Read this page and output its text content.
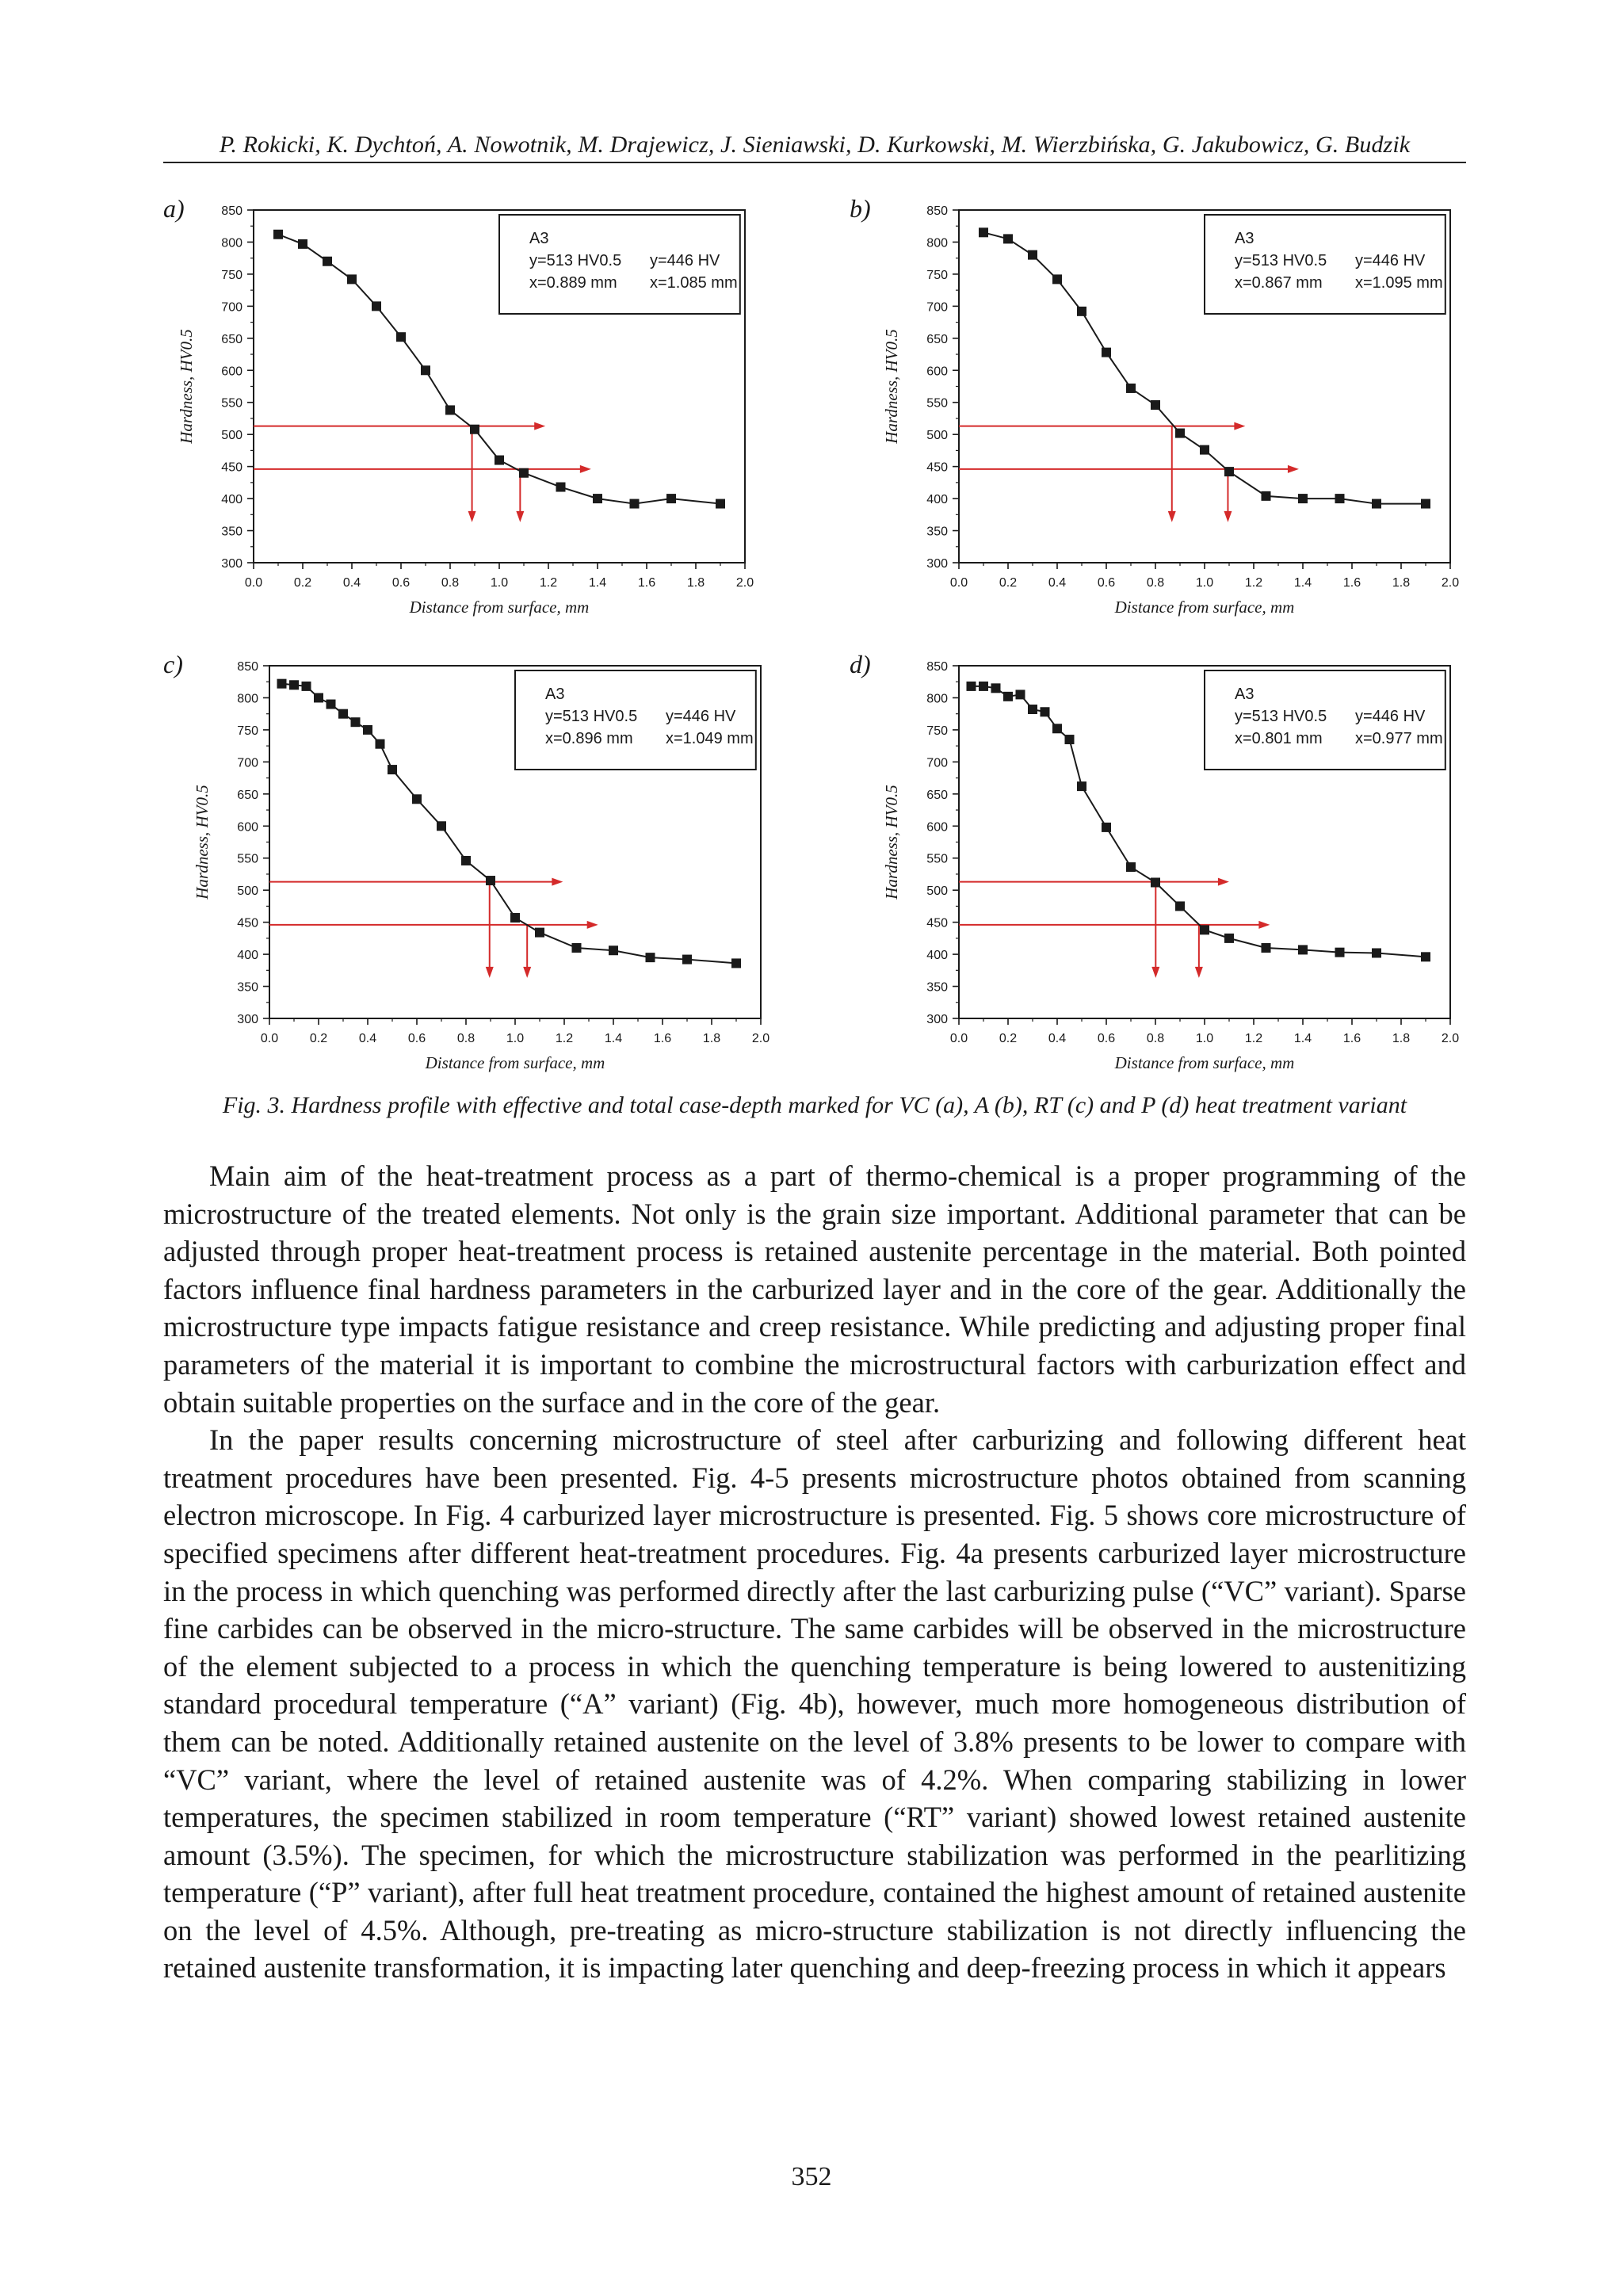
P. Rokicki, K. Dychtoń, A. Nowotnik, M. Drajewicz, J. Sieniawski, D. Kurkowski, M. Wierzbińska, G. Jakubowicz, G. Budzik
a)	b)
c)	d)
300
350
400
450
500
550
600
650
700
750
800
850
0.0 0.2 0.4 0.6 0.8 1.0 1.2 1.4 1.6 1.8 2.0
Distance from surface, mm
Hardness, HV0.5
A3
y=513 HV0.5 y=446 HV
x=0.889 mm x=1.085 mm
300
350
400
450
500
550
600
650
700
750
800
850
0.0 0.2 0.4 0.6 0.8 1.0 1.2 1.4 1.6 1.8 2.0
Distance from surface, mm
Hardness, HV0.5
A3
y=513 HV0.5 y=446 HV
x=0.867 mm x=1.095 mm
300
350
400
450
500
550
600
650
700
750
800
850
0.0 0.2 0.4 0.6 0.8 1.0 1.2 1.4 1.6 1.8 2.0
Distance from surface, mm
Hardness, HV0.5
A3
y=513 HV0.5 y=446 HV
x=0.896 mm x=1.049 mm
300
350
400
450
500
550
600
650
700
750
800
850
0.0 0.2 0.4 0.6 0.8 1.0 1.2 1.4 1.6 1.8 2.0
Distance from surface, mm
Hardness, HV0.5
A3
y=513 HV0.5 y=446 HV
x=0.801 mm x=0.977 mm
Fig. 3. Hardness profile with effective and total case-depth marked for VC (a), A (b), RT (c) and P (d) heat treatment variant

Main aim of the heat-treatment process as a part of thermo-chemical is a proper programming of the microstructure of the treated elements. Not only is the grain size important. Additional parameter that can be adjusted through proper heat-treatment process is retained austenite percentage in the material. Both pointed factors influence final hardness parameters in the carburized layer and in the core of the gear. Additionally the microstructure type impacts fatigue resistance and creep resistance. While predicting and adjusting proper final parameters of the material it is important to combine the microstructural factors with carburization effect and obtain suitable properties on the surface and in the core of the gear.

In the paper results concerning microstructure of steel after carburizing and following different heat treatment procedures have been presented. Fig. 4-5 presents microstructure photos obtained from scanning electron microscope. In Fig. 4 carburized layer microstructure is presented. Fig. 5 shows core microstructure of specified specimens after different heat-treatment procedures. Fig. 4a presents carburized layer microstructure in the process in which quenching was performed directly after the last carburizing pulse (“VC” variant). Sparse fine carbides can be observed in the micro-structure. The same carbides will be observed in the microstructure of the element subjected to a process in which the quenching temperature is being lowered to austenitizing standard procedural temperature (“A” variant) (Fig. 4b), however, much more homogeneous distribution of them can be noted. Additionally retained austenite on the level of 3.8% presents to be lower to compare with “VC” variant, where the level of retained austenite was of 4.2%. When comparing stabilizing in lower temperatures, the specimen stabilized in room temperature (“RT” variant) showed lowest retained austenite amount (3.5%). The specimen, for which the microstructure stabilization was performed in the pearlitizing temperature (“P” variant), after full heat treatment procedure, contained the highest amount of retained austenite on the level of 4.5%. Although, pre-treating as micro-structure stabilization is not directly influencing the retained austenite transformation, it is impacting later quenching and deep-freezing process in which it appears

352
